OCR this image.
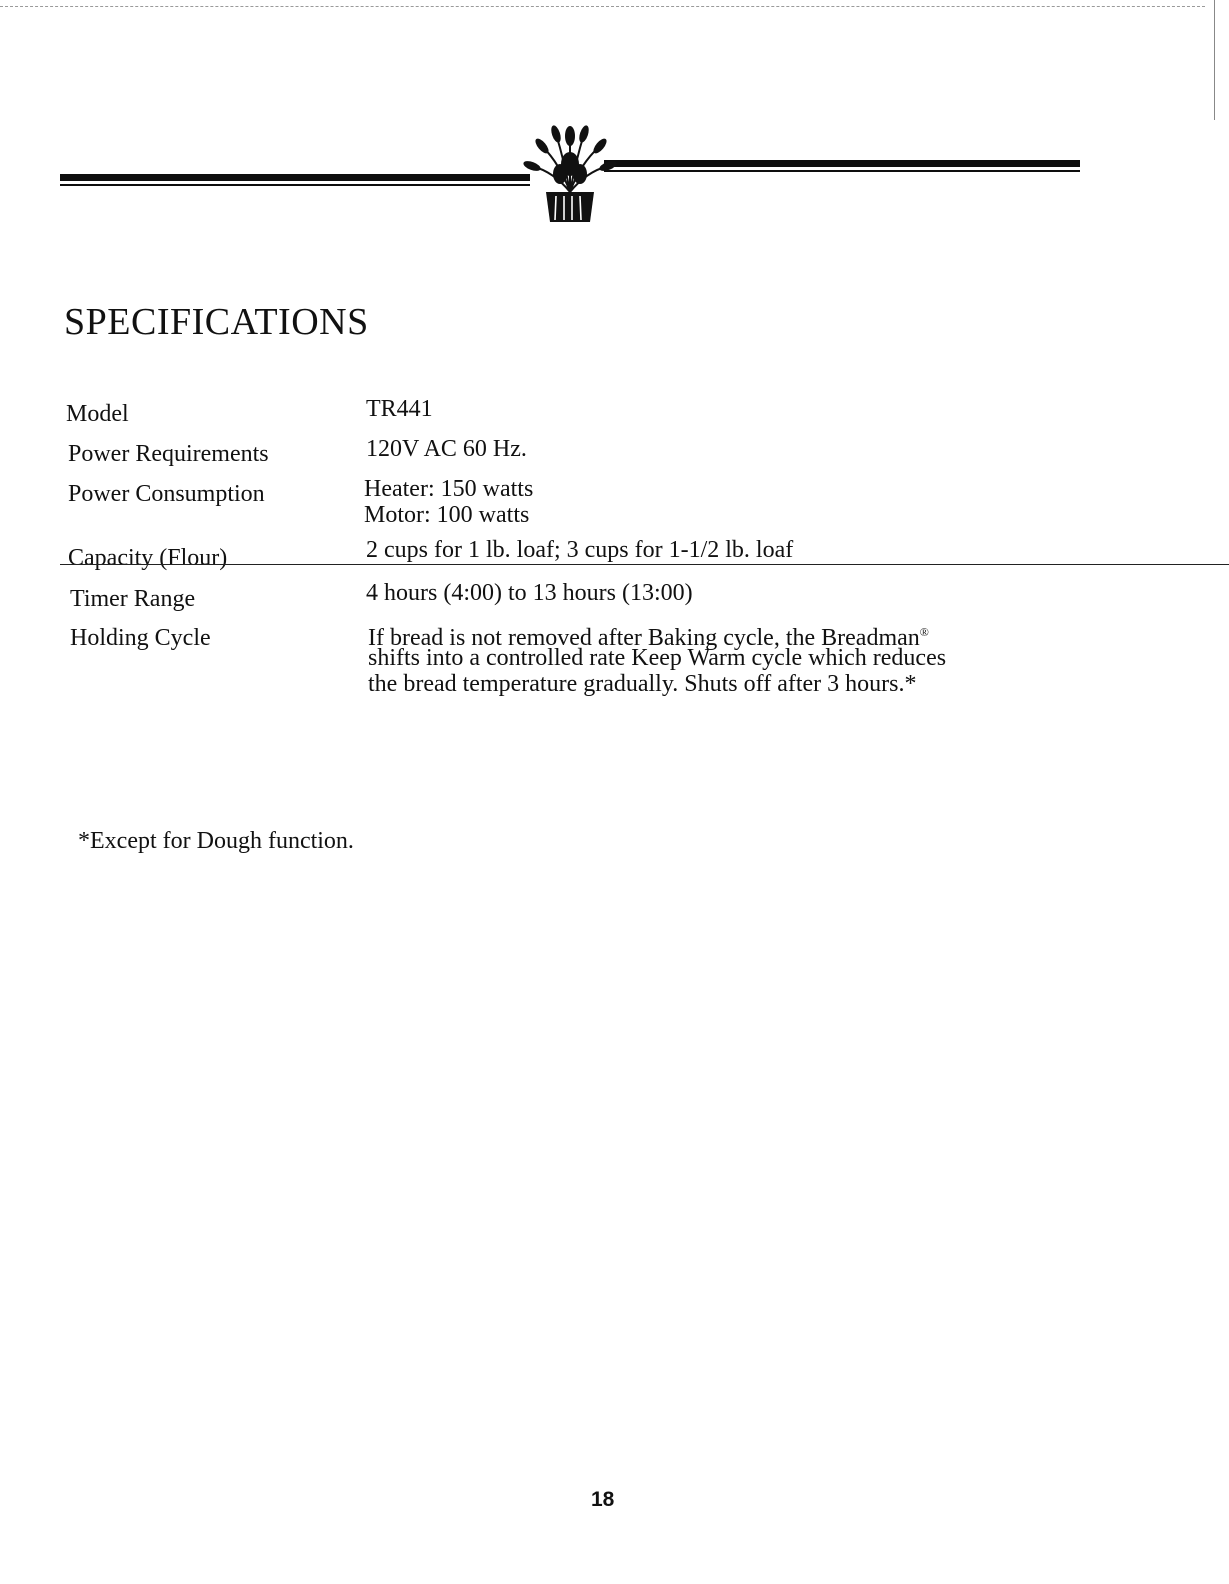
SPECIFICATIONS
Model	TR441
Power Requirements	120V AC 60 Hz.
Power Consumption	Heater: 150 watts
Motor: 100 watts
Capacity (Flour)	2 cups for 1 lb. loaf; 3 cups for 1-1/2 lb. loaf
Timer Range	4 hours (4:00) to 13 hours (13:00)
Holding Cycle	If bread is not removed after Baking cycle, the Breadman®
shifts into a controlled rate Keep Warm cycle which reduces
the bread temperature gradually. Shuts off after 3 hours.*
*Except for Dough function.
18
